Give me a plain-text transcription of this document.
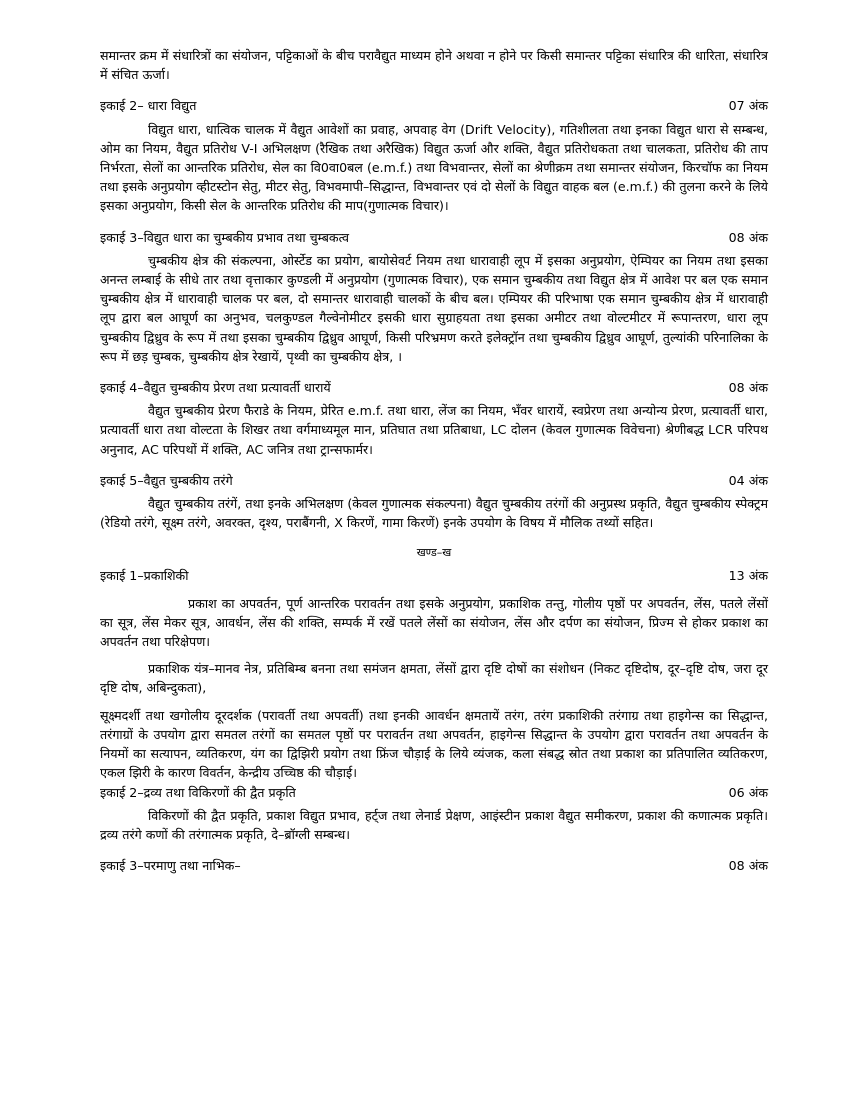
समान्तर क्रम में संधारित्रों का संयोजन, पट्टिकाओं के बीच परावैद्युत माध्यम होने अथवा न होने पर किसी समान्तर पट्टिका संधारित्र की धारिता, संधारित्र में संचित ऊर्जा।

इकाई 2– धारा विद्युत	07 अंक

विद्युत धारा, धात्विक चालक में वैद्युत आवेशों का प्रवाह, अपवाह वेग (Drift Velocity), गतिशीलता तथा इनका विद्युत धारा से सम्बन्ध, ओम का नियम, वैद्युत प्रतिरोध V-I अभिलक्षण (रैखिक तथा अरैखिक) विद्युत ऊर्जा और शक्ति, वैद्युत प्रतिरोधकता तथा चालकता, प्रतिरोध की ताप निर्भरता, सेलों का आन्तरिक प्रतिरोध, सेल का वि0वा0बल (e.m.f.) तथा विभवान्तर, सेलों का श्रेणीक्रम तथा समान्तर संयोजन, किरचॉफ का नियम तथा इसके अनुप्रयोग व्हीटस्टोन सेतु, मीटर सेतु, विभवमापी–सिद्धान्त, विभवान्तर एवं दो सेलों के विद्युत वाहक बल (e.m.f.) की तुलना करने के लिये इसका अनुप्रयोग, किसी सेल के आन्तरिक प्रतिरोध की माप(गुणात्मक विचार)।

इकाई 3–विद्युत धारा का चुम्बकीय प्रभाव तथा चुम्बकत्व	08 अंक

चुम्बकीय क्षेत्र की संकल्पना, ओर्स्टेड का प्रयोग, बायोसेवर्ट नियम तथा धारावाही लूप में इसका अनुप्रयोग, ऐम्पियर का नियम तथा इसका अनन्त लम्बाई के सीधे तार तथा वृत्ताकार कुण्डली में अनुप्रयोग (गुणात्मक विचार), एक समान चुम्बकीय तथा विद्युत क्षेत्र में आवेश पर बल एक समान चुम्बकीय क्षेत्र में धारावाही चालक पर बल, दो समान्तर धारावाही चालकों के बीच बल। एम्पियर की परिभाषा एक समान चुम्बकीय क्षेत्र में धारावाही लूप द्वारा बल आघूर्ण का अनुभव, चलकुण्डल गैल्वेनोमीटर इसकी धारा सुग्राहयता तथा इसका अमीटर तथा वोल्टमीटर में रूपान्तरण, धारा लूप चुम्बकीय द्विध्रुव के रूप में तथा इसका चुम्बकीय द्विध्रुव आघूर्ण, किसी परिभ्रमण करते इलेक्ट्रॉन तथा चुम्बकीय द्विध्रुव आघूर्ण, तुल्यांकी परिनालिका के रूप में छड़ चुम्बक, चुम्बकीय क्षेत्र रेखायें, पृथ्वी का चुम्बकीय क्षेत्र, ।

इकाई 4–वैद्युत चुम्बकीय प्रेरण तथा प्रत्यावर्ती धारायें	08 अंक

वैद्युत चुम्बकीय प्रेरण फैराडे के नियम, प्रेरित e.m.f. तथा धारा, लेंज का नियम, भँवर धारायें, स्वप्रेरण तथा अन्योन्य प्रेरण, प्रत्यावर्ती धारा, प्रत्यावर्ती धारा तथा वोल्टता के शिखर तथा वर्गमाध्यमूल मान, प्रतिघात तथा प्रतिबाधा, LC दोलन (केवल गुणात्मक विवेचना) श्रेणीबद्ध LCR परिपथ अनुनाद, AC परिपथों में शक्ति, AC जनित्र तथा ट्रान्सफार्मर।

इकाई 5–वैद्युत चुम्बकीय तरंगे	04 अंक

वैद्युत चुम्बकीय तरंगें, तथा इनके अभिलक्षण (केवल गुणात्मक संकल्पना) वैद्युत चुम्बकीय तरंगों की अनुप्रस्थ प्रकृति, वैद्युत चुम्बकीय स्पेक्ट्रम (रेडियो तरंगे, सूक्ष्म तरंगे, अवरक्त, दृश्य, पराबैंगनी, X किरणें, गामा किरणें) इनके उपयोग के विषय में मौलिक तथ्यों सहित।

खण्ड–ख
इकाई 1–प्रकाशिकी	13 अंक

प्रकाश का अपवर्तन, पूर्ण आन्तरिक परावर्तन तथा इसके अनुप्रयोग, प्रकाशिक तन्तु, गोलीय पृष्ठों पर अपवर्तन, लेंस, पतले लेंसों का सूत्र, लेंस मेकर सूत्र, आवर्धन, लेंस की शक्ति, सम्पर्क में रखें पतले लेंसों का संयोजन, लेंस और दर्पण का संयोजन, प्रिज्म से होकर प्रकाश का अपवर्तन तथा परिक्षेपण।

प्रकाशिक यंत्र–मानव नेत्र, प्रतिबिम्ब बनना तथा समंजन क्षमता, लेंसों द्वारा दृष्टि दोषों का संशोधन (निकट दृष्टिदोष, दूर–दृष्टि दोष, जरा दूर दृष्टि दोष, अबिन्दुकता),

सूक्ष्मदर्शी तथा खगोलीय दूरदर्शक (परावर्ती तथा अपवर्ती) तथा इनकी आवर्धन क्षमतायें तरंग, तरंग प्रकाशिकी तरंगाग्र तथा हाइगेन्स का सिद्धान्त, तरंगाग्रों के उपयोग द्वारा समतल तरंगों का समतल पृष्ठों पर परावर्तन तथा अपवर्तन, हाइगेन्स सिद्धान्त के उपयोग द्वारा परावर्तन तथा अपवर्तन के नियमों का सत्यापन, व्यतिकरण, यंग का द्विझिरी प्रयोग तथा फ्रिंज चौड़ाई के लिये व्यंजक, कला संबद्ध स्रोत तथा प्रकाश का प्रतिपालित व्यतिकरण, एकल झिरी के कारण विवर्तन, केन्द्रीय उच्चिष्ठ की चौड़ाई।

इकाई 2–द्रव्य तथा विकिरणों की द्वैत प्रकृति	06 अंक

विकिरणों की द्वैत प्रकृति, प्रकाश विद्युत प्रभाव, हर्ट्ज तथा लेनार्ड प्रेक्षण, आइंस्टीन प्रकाश वैद्युत समीकरण, प्रकाश की कणात्मक प्रकृति। द्रव्य तरंगे कणों की तरंगात्मक प्रकृति, दे–ब्रॉग्ली सम्बन्ध।

इकाई 3–परमाणु तथा नाभिक–	08 अंक
